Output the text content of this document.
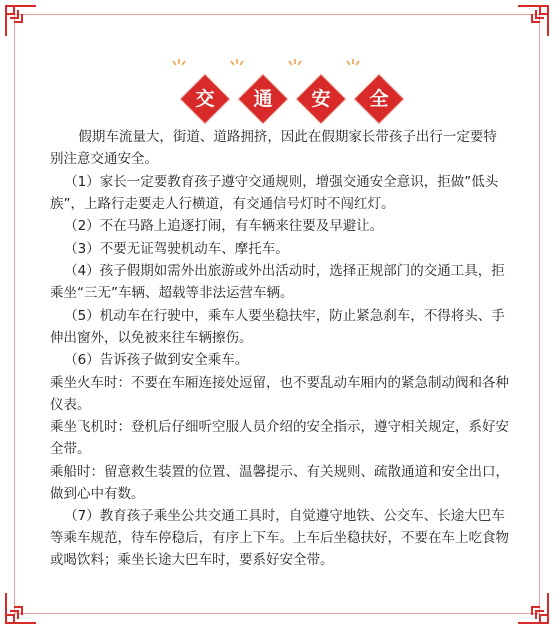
交	通	安	全

假期车流量大，街道、道路拥挤，因此在假期家长带孩子出行一定要特别注意交通安全。

（1）家长一定要教育孩子遵守交通规则，增强交通安全意识，拒做”低头族”，上路行走要走人行横道，有交通信号灯时不闯红灯。

（2）不在马路上追逐打闹，有车辆来往要及早避让。

（3）不要无证驾驶机动车、摩托车。

（4）孩子假期如需外出旅游或外出活动时，选择正规部门的交通工具，拒乘坐“三无”车辆、超载等非法运营车辆。

（5）机动车在行驶中，乘车人要坐稳扶牢，防止紧急刹车，不得将头、手伸出窗外，以免被来往车辆擦伤。

（6）告诉孩子做到安全乘车。

乘坐火车时：不要在车厢连接处逗留，也不要乱动车厢内的紧急制动阀和各种仪表。

乘坐飞机时：登机后仔细听空服人员介绍的安全指示，遵守相关规定，系好安全带。

乘船时：留意救生装置的位置、温馨提示、有关规则、疏散通道和安全出口，做到心中有数。

（7）教育孩子乘坐公共交通工具时，自觉遵守地铁、公交车、长途大巴车等乘车规范，待车停稳后，有序上下车。上车后坐稳扶好，不要在车上吃食物或喝饮料；乘坐长途大巴车时，要系好安全带。
